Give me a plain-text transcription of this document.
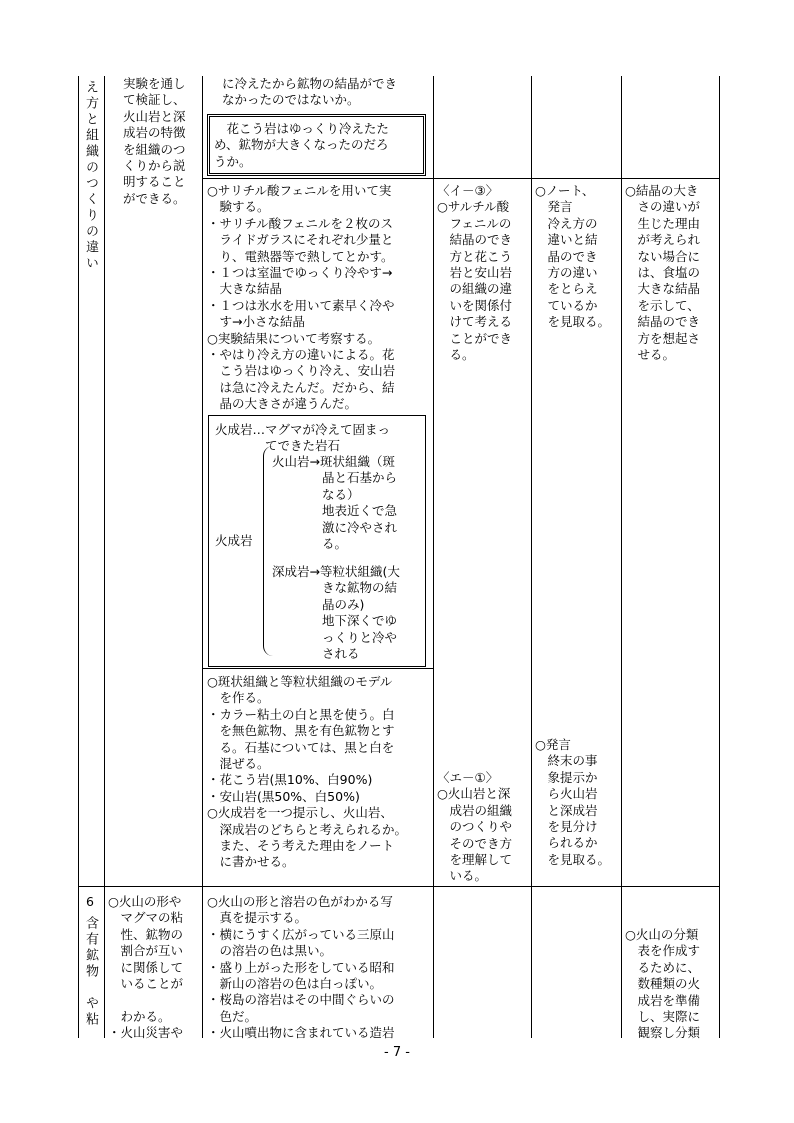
え方と組織のつくりの違い
6
含有鉱物　や粘
実験を通し
て検証し、
火山岩と深
成岩の特徴
を組織のつ
くりから説
明すること
ができる。
○火山の形や
　マグマの粘
　性、鉱物の
　割合が互い
　に関係して
　いることが

　わかる。
・火山災害や
に冷えたから鉱物の結晶ができ
なかったのではないか。
　花こう岩はゆっくり冷えたた
め、鉱物が大きくなったのだろ
うか。
○サリチル酸フェニルを用いて実
　験する。
・サリチル酸フェニルを２枚のス
　ライドガラスにそれぞれ少量と
　り、電熱器等で熱してとかす。
・１つは室温でゆっくり冷やす→
　大きな結晶
・１つは氷水を用いて素早く冷や
　す→小さな結晶
○実験結果について考察する。
・やはり冷え方の違いによる。花
　こう岩はゆっくり冷え、安山岩
　は急に冷えたんだ。だから、結
　晶の大きさが違うんだ。
火成岩…マグマが冷えて固まっ
　　　　てできた岩石
火成岩
火山岩→斑状組織（斑
　　　　晶と石基から
　　　　なる）
　　　　地表近くで急
　　　　激に冷やされ
　　　　る。
深成岩→等粒状組織(大
　　　　きな鉱物の結
　　　　晶のみ)
　　　　地下深くでゆ
　　　　っくりと冷や
　　　　される
○斑状組織と等粒状組織のモデル
　を作る。
・カラー粘土の白と黒を使う。白
　を無色鉱物、黒を有色鉱物とす
　る。石基については、黒と白を
　混ぜる。
・花こう岩(黒10%、白90%)
・安山岩(黒50%、白50%)
○火成岩を一つ提示し、火山岩、
　深成岩のどちらと考えられるか。
　また、そう考えた理由をノート
　に書かせる。
○火山の形と溶岩の色がわかる写
　真を提示する。
・横にうすく広がっている三原山
　の溶岩の色は黒い。
・盛り上がった形をしている昭和
　新山の溶岩の色は白っぽい。
・桜島の溶岩はその中間ぐらいの
　色だ。
・火山噴出物に含まれている造岩
〈イ－③〉
○サルチル酸
　フェニルの
　結晶のでき
　方と花こう
　岩と安山岩
　の組織の違
　いを関係付
　けて考える
　ことができ
　る。
〈エ－①〉
○火山岩と深
　成岩の組織
　のつくりや
　そのでき方
　を理解して
　いる。
○ノート、
　発言
　冷え方の
　違いと結
　晶のでき
　方の違い
　をとらえ
　ているか
　を見取る。
○発言
　終末の事
　象提示か
　ら火山岩
　と深成岩
　を見分け
　られるか
　を見取る。
○結晶の大き
　さの違いが
　生じた理由
　が考えられ
　ない場合に
　は、食塩の
　大きな結晶
　を示して、
　結晶のでき
　方を想起さ
　せる。
○火山の分類
　表を作成す
　るために、
　数種類の火
　成岩を準備
　し、実際に
　観察し分類
- 7 -
